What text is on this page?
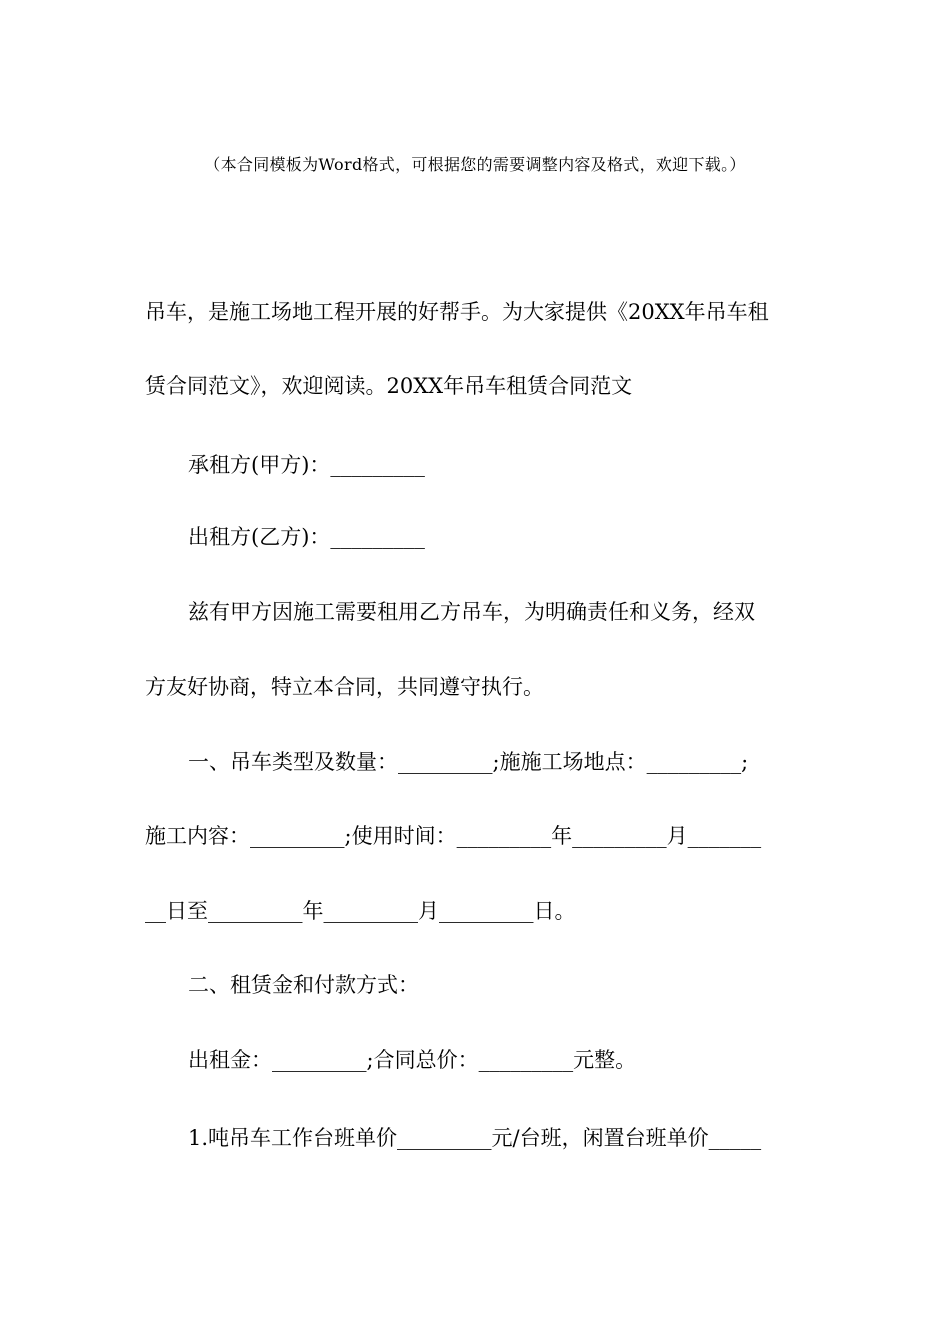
（本合同模板为Word格式，可根据您的需要调整内容及格式，欢迎下载。）
吊车，是施工场地工程开展的好帮手。为大家提供《20XX年吊车租
赁合同范文》，欢迎阅读。20XX年吊车租赁合同范文
承租方(甲方)：_________
出租方(乙方)：_________
兹有甲方因施工需要租用乙方吊车，为明确责任和义务，经双
方友好协商，特立本合同，共同遵守执行。
一、吊车类型及数量：_________;施施工场地点：_________;
施工内容：_________;使用时间：_________年_________月_______
__日至_________年_________月_________日。
二、租赁金和付款方式：
出租金：_________;合同总价：_________元整。
1.吨吊车工作台班单价_________元/台班，闲置台班单价_____
